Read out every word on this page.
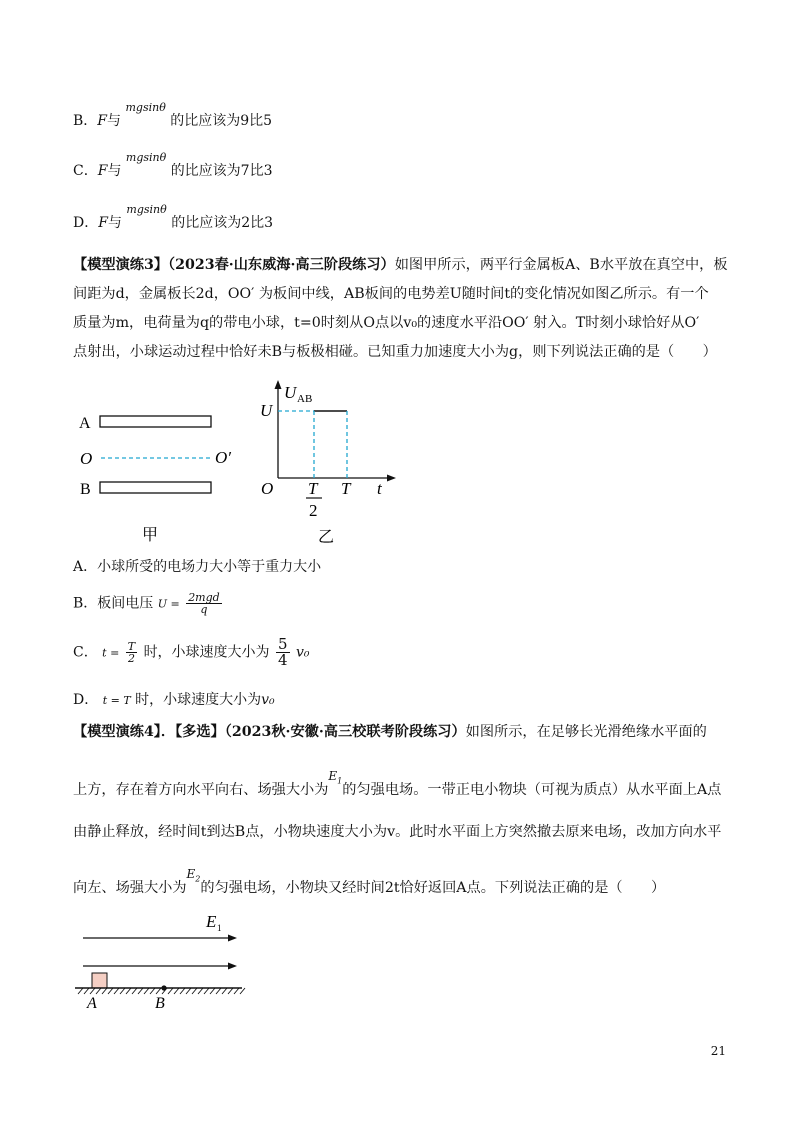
B．F与 $^{mgsin\theta}$ 的比应该为9比5
C．F与 $^{mgsin\theta}$ 的比应该为7比3
D．F与 $^{mgsin\theta}$ 的比应该为2比3
【模型演练3】（2023春·山东威海·高三阶段练习）如图甲所示，两平行金属板A、B水平放在真空中，板
间距为d，金属板长2d，OO′ 为板间中线，AB板间的电势差U随时间t的变化情况如图乙所示。有一个
质量为m，电荷量为q的带电小球，t=0时刻从O点以v₀的速度水平沿OO′ 射入。T时刻小球恰好从O′
点射出，小球运动过程中恰好未B与板极相碰。已知重力加速度大小为g，则下列说法正确的是（　　）
A
O	O′
B
甲
U AB
U
O T
2
T t
乙
A．小球所受的电场力大小等于重力大小
B．板间电压 $U = \frac{\text{2mgd}}{q}$
C． $t = \frac{T}{2}$ 时，小球速度大小为 $\frac{5}{4} v_0$
D． t = T 时，小球速度大小为v₀
【模型演练4】．【多选】（2023秋·安徽·高三校联考阶段练习）如图所示，在足够长光滑绝缘水平面的
上方，存在着方向水平向右、场强大小为$^{E_1}$的匀强电场。一带正电小物块（可视为质点）从水平面上A点
由静止释放，经时间t到达B点，小物块速度大小为v。此时水平面上方突然撤去原来电场，改加方向水平
向左、场强大小为$^{E_2}$的匀强电场，小物块又经时间2t恰好返回A点。下列说法正确的是（　　）
E 1
A	B
21
